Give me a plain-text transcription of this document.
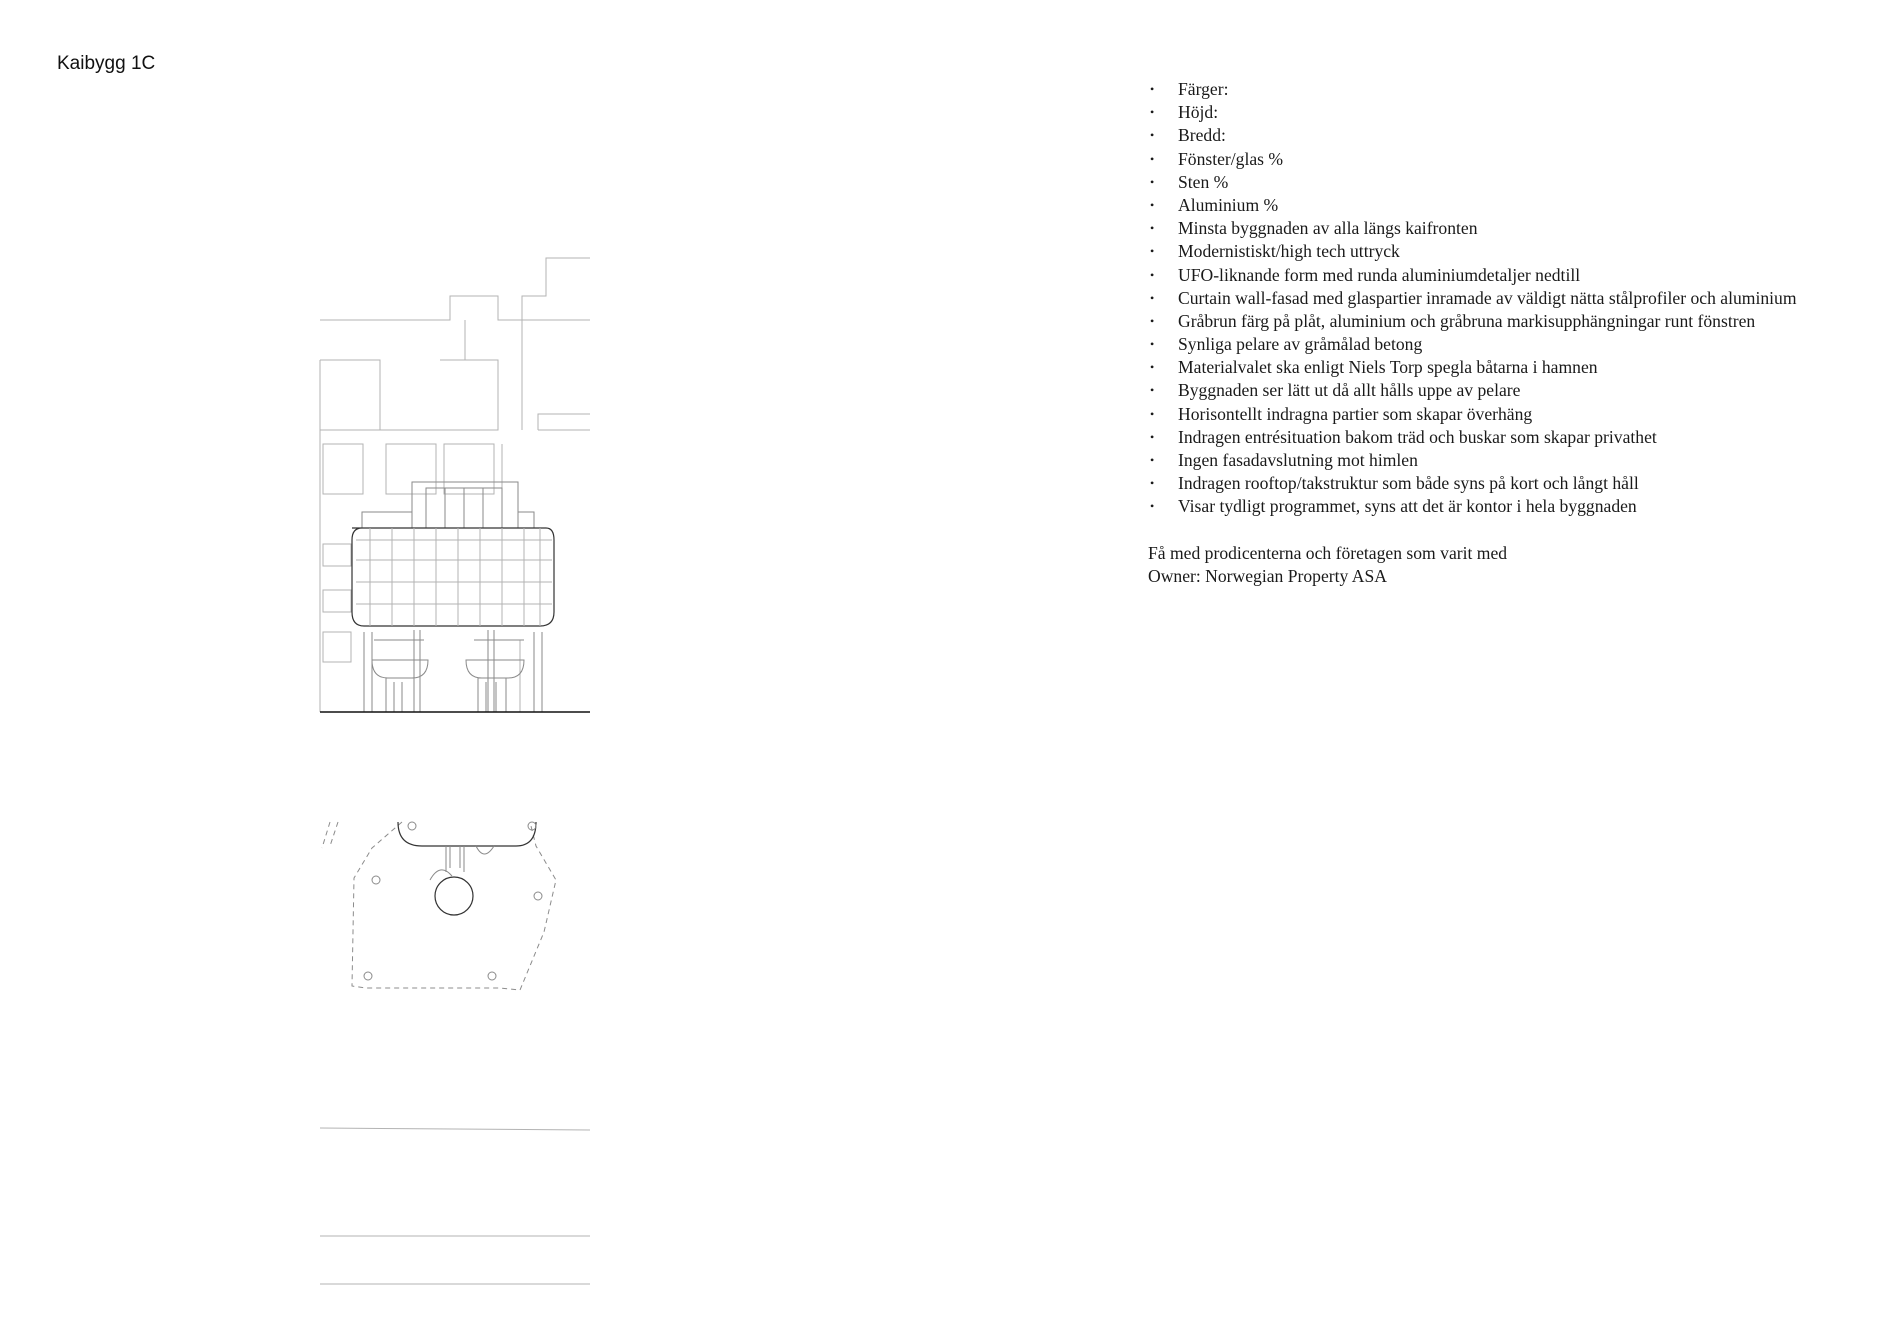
Kaibygg 1C
• Färger:
• Höjd:
• Bredd:
• Fönster/glas %
• Sten %
• Aluminium %
• Minsta byggnaden av alla längs kaifronten
• Modernistiskt/high tech uttryck
• UFO-liknande form med runda aluminiumdetaljer nedtill
• Curtain wall-fasad med glaspartier inramade av väldigt nätta stålprofiler och aluminium
• Gråbrun färg på plåt, aluminium och gråbruna markisupphängningar runt fönstren
• Synliga pelare av gråmålad betong
• Materialvalet ska enligt Niels Torp spegla båtarna i hamnen
• Byggnaden ser lätt ut då allt hålls uppe av pelare
• Horisontellt indragna partier som skapar överhäng
• Indragen entrésituation bakom träd och buskar som skapar privathet
• Ingen fasadavslutning mot himlen
• Indragen rooftop/takstruktur som både syns på kort och långt håll
• Visar tydligt programmet, syns att det är kontor i hela byggnaden
Få med prodicenterna och företagen som varit med
Owner: Norwegian Property ASA
